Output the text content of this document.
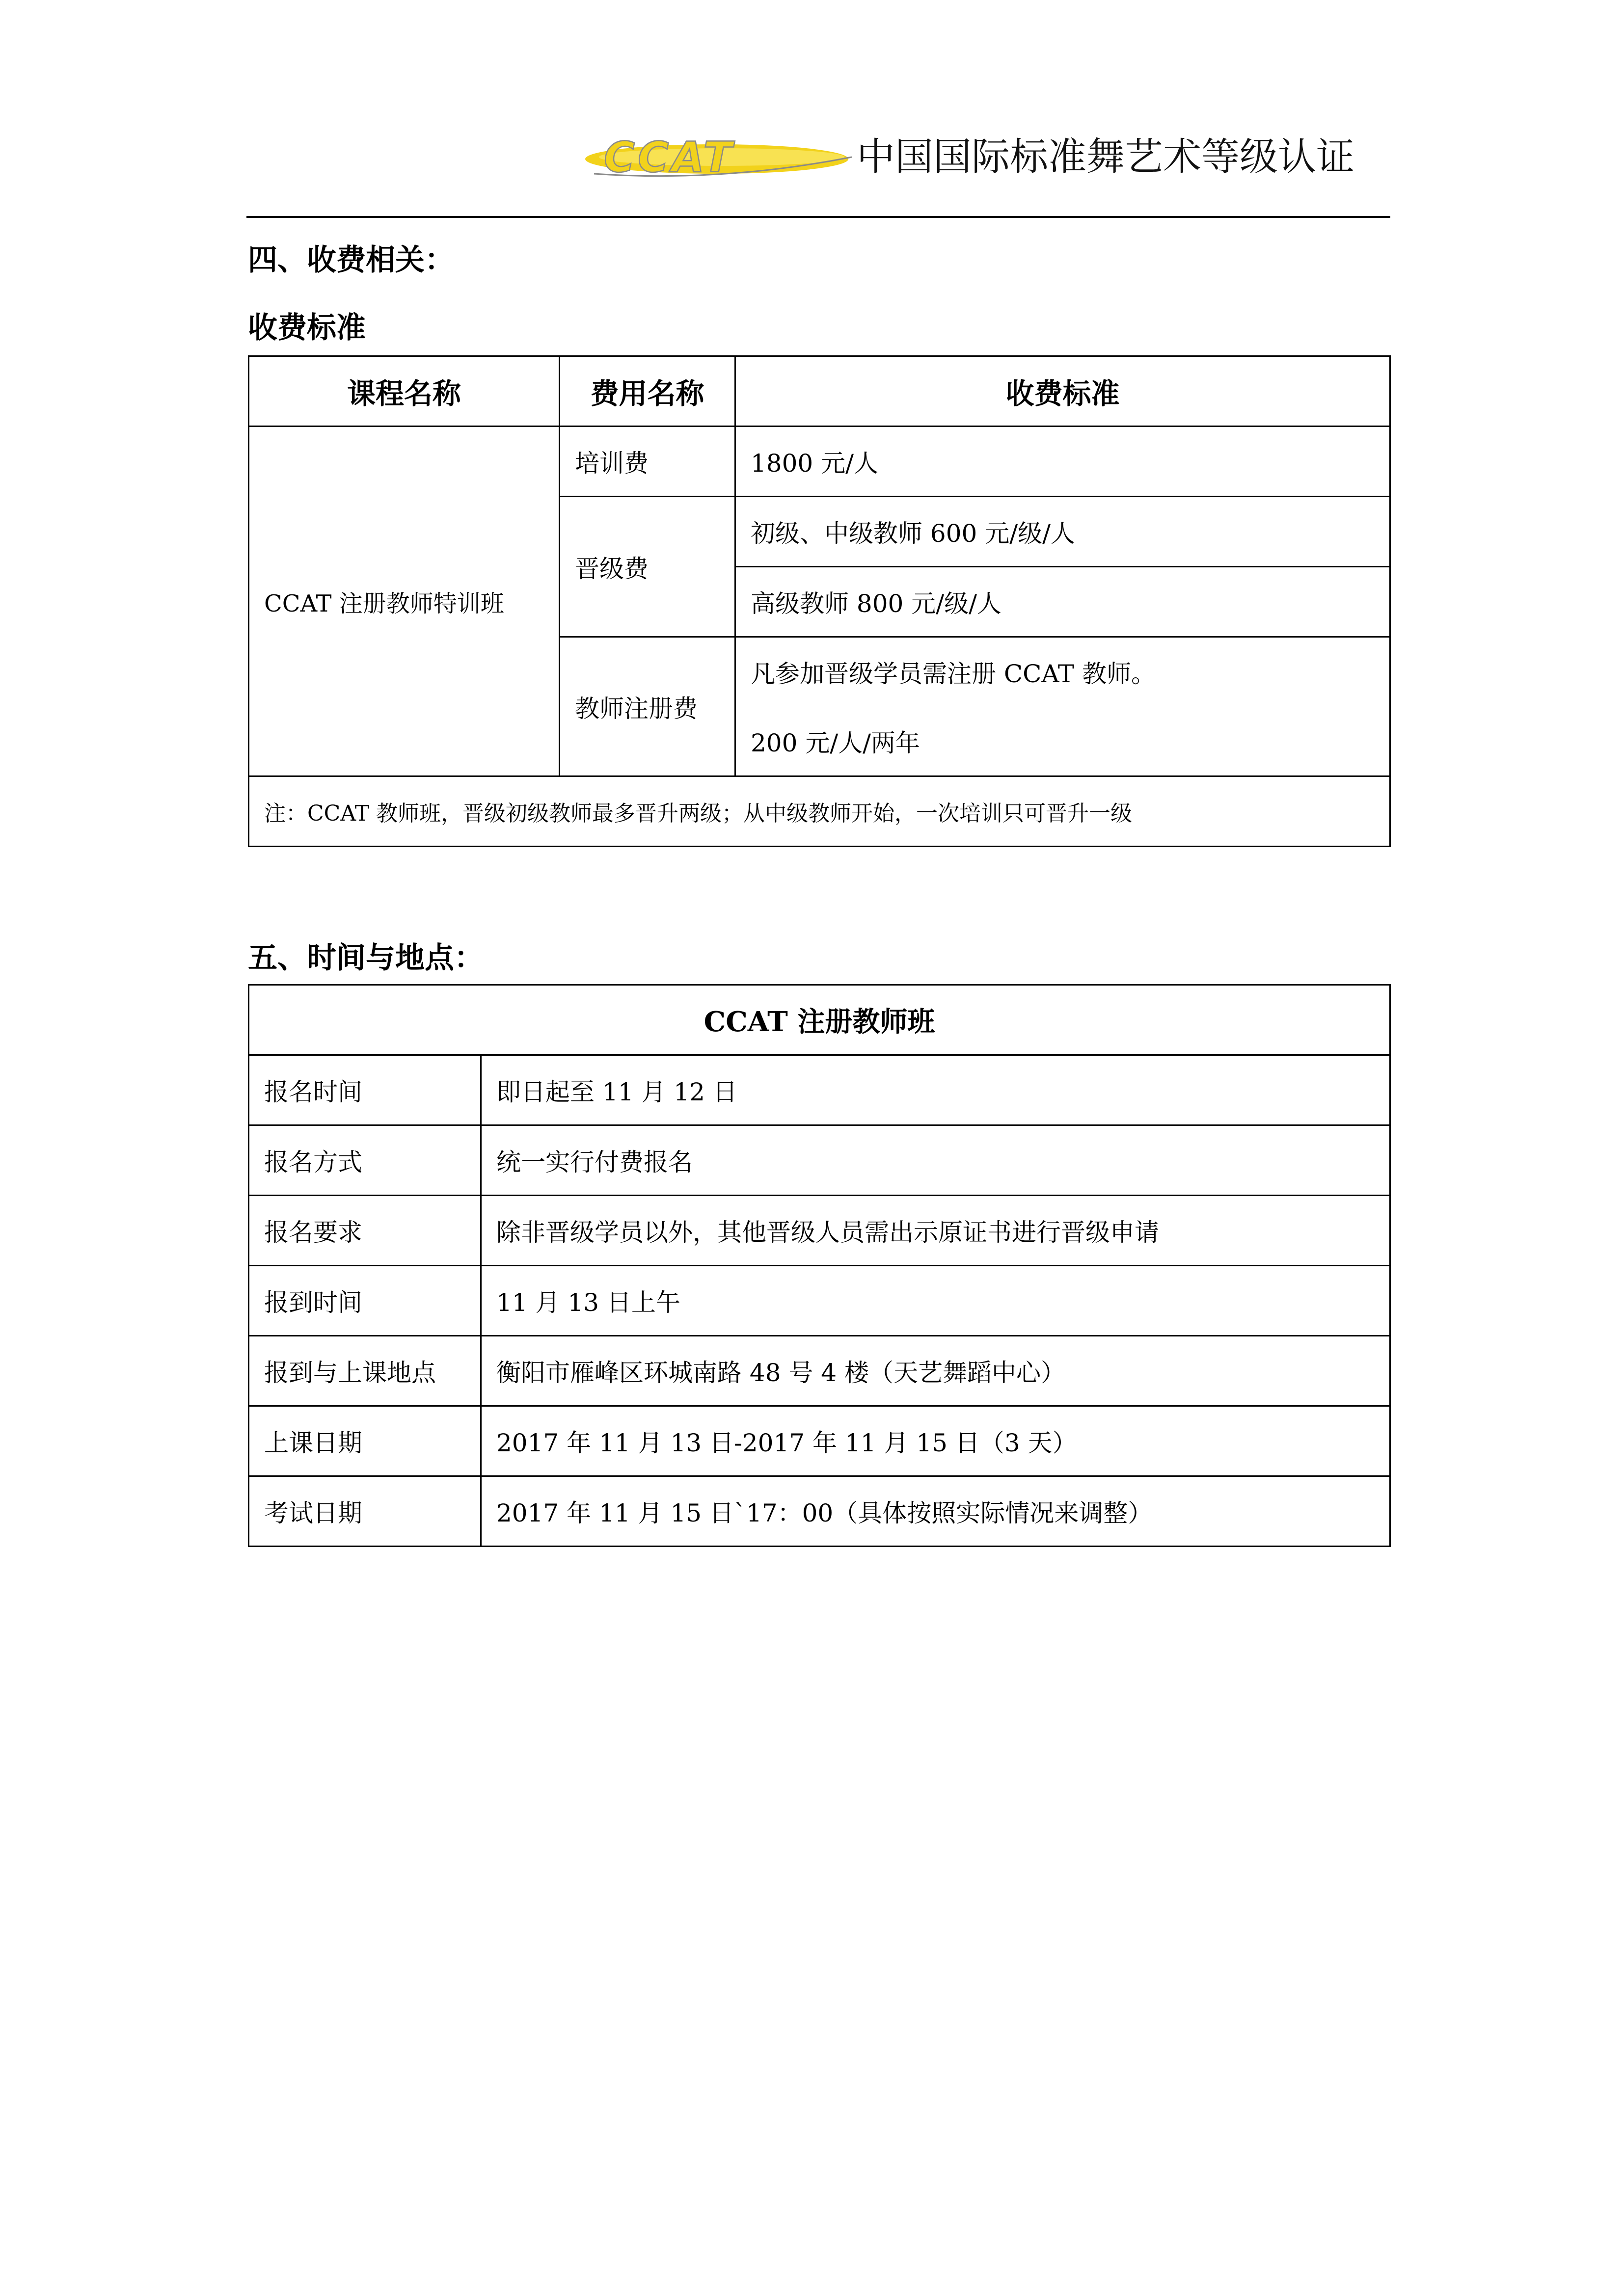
CCAT	中国国际标准舞艺术等级认证
四、收费相关：
收费标准
课程名称	费用名称	收费标准
CCAT 注册教师特训班	培训费	1800 元/人
	晋级费	初级、中级教师 600 元/级/人
		高级教师 800 元/级/人
	教师注册费	凡参加晋级学员需注册 CCAT 教师。
		200 元/人/两年
注：CCAT 教师班，晋级初级教师最多晋升两级；从中级教师开始，一次培训只可晋升一级		
五、时间与地点：
CCAT 注册教师班	
报名时间	即日起至 11 月 12 日
报名方式	统一实行付费报名
报名要求	除非晋级学员以外，其他晋级人员需出示原证书进行晋级申请
报到时间	11 月 13 日上午
报到与上课地点	衡阳市雁峰区环城南路 48 号 4 楼（天艺舞蹈中心）
上课日期	2017 年 11 月 13 日-2017 年 11 月 15 日（3 天）
考试日期	2017 年 11 月 15 日`17：00（具体按照实际情况来调整）
